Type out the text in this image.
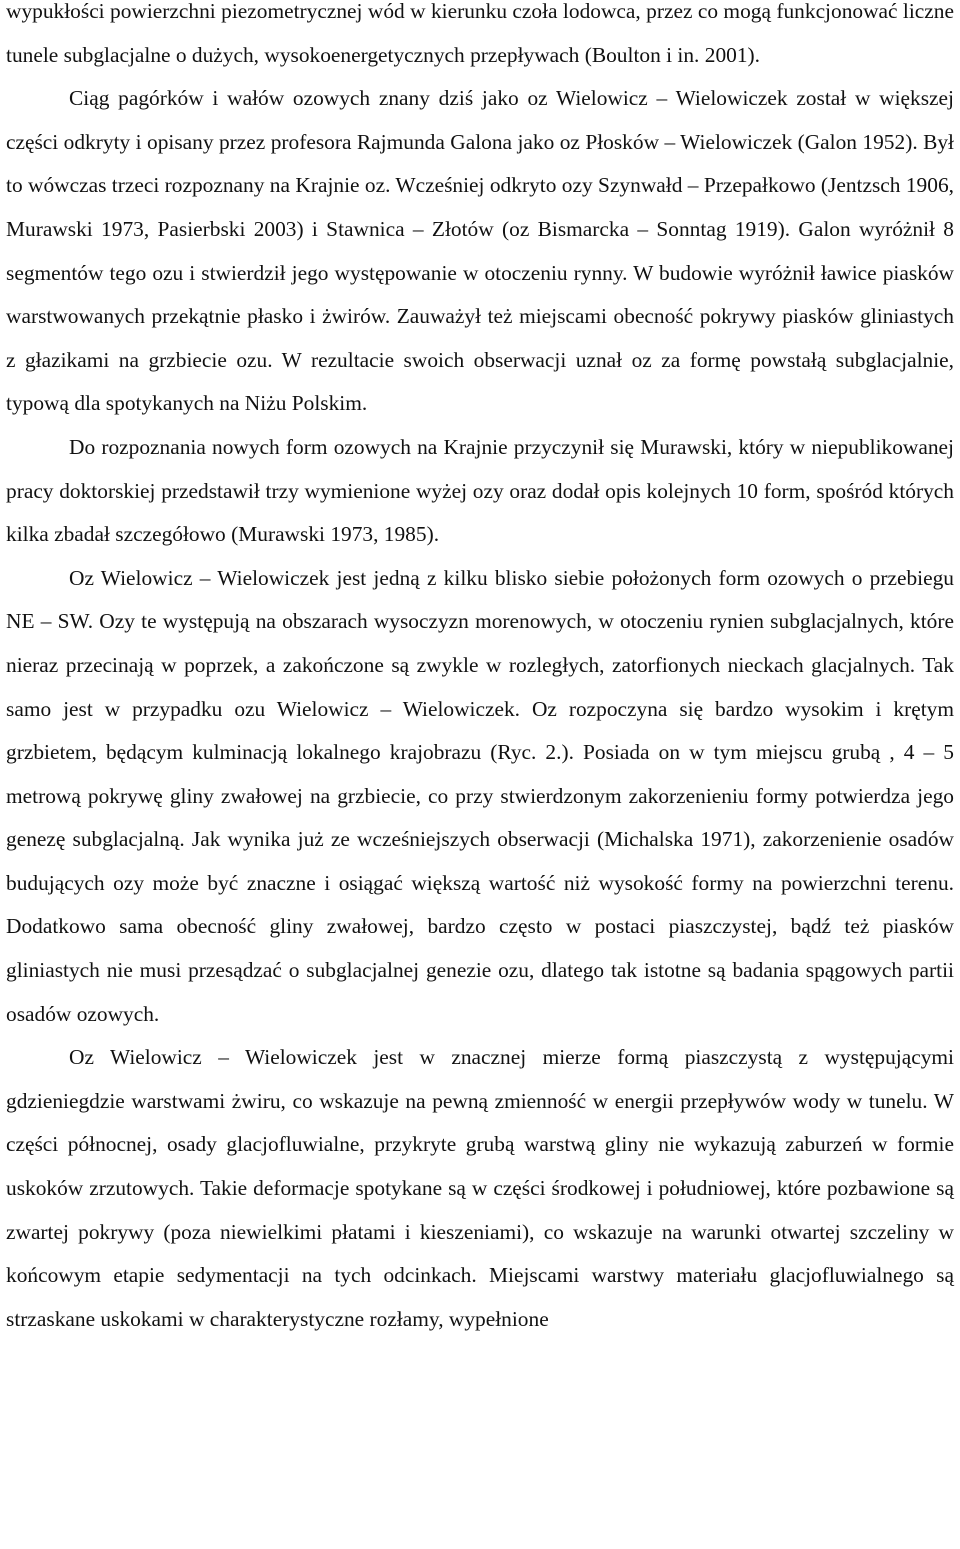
wypukłości powierzchni piezometrycznej wód w kierunku czoła lodowca, przez co mogą funkcjonować liczne tunele subglacjalne o dużych, wysokoenergetycznych przepływach (Boulton i in. 2001).

Ciąg pagórków i wałów ozowych znany dziś jako oz Wielowicz – Wielowiczek został w większej części odkryty i opisany przez profesora Rajmunda Galona jako oz Płosków – Wielowiczek (Galon 1952). Był to wówczas trzeci rozpoznany na Krajnie oz. Wcześniej odkryto ozy Szynwałd – Przepałkowo (Jentzsch 1906, Murawski 1973, Pasierbski 2003) i Stawnica – Złotów (oz Bismarcka – Sonntag 1919). Galon wyróżnił 8 segmentów tego ozu i stwierdził jego występowanie w otoczeniu rynny. W budowie wyróżnił ławice piasków warstwowanych przekątnie płasko i żwirów. Zauważył też miejscami obecność pokrywy piasków gliniastych z głazikami na grzbiecie ozu. W rezultacie swoich obserwacji uznał oz za formę powstałą subglacjalnie, typową dla spotykanych na Niżu Polskim.

Do rozpoznania nowych form ozowych na Krajnie przyczynił się Murawski, który w niepublikowanej pracy doktorskiej przedstawił trzy wymienione wyżej ozy oraz dodał opis kolejnych 10 form, spośród których kilka zbadał szczegółowo (Murawski 1973, 1985).

Oz Wielowicz – Wielowiczek jest jedną z kilku blisko siebie położonych form ozowych o przebiegu NE – SW. Ozy te występują na obszarach wysoczyzn morenowych, w otoczeniu rynien subglacjalnych, które nieraz przecinają w poprzek, a zakończone są zwykle w rozległych, zatorfionych nieckach glacjalnych. Tak samo jest w przypadku ozu Wielowicz – Wielowiczek. Oz rozpoczyna się bardzo wysokim i krętym grzbietem, będącym kulminacją lokalnego krajobrazu (Ryc. 2.). Posiada on w tym miejscu grubą , 4 – 5 metrową pokrywę gliny zwałowej na grzbiecie, co przy stwierdzonym zakorzenieniu formy potwierdza jego genezę subglacjalną. Jak wynika już ze wcześniejszych obserwacji (Michalska 1971), zakorzenienie osadów budujących ozy może być znaczne i osiągać większą wartość niż wysokość formy na powierzchni terenu. Dodatkowo sama obecność gliny zwałowej, bardzo często w postaci piaszczystej, bądź też piasków gliniastych nie musi przesądzać o subglacjalnej genezie ozu, dlatego tak istotne są badania spągowych partii osadów ozowych.

Oz Wielowicz – Wielowiczek jest w znacznej mierze formą piaszczystą z występującymi gdzieniegdzie warstwami żwiru, co wskazuje na pewną zmienność w energii przepływów wody w tunelu. W części północnej, osady glacjofluwialne, przykryte grubą warstwą gliny nie wykazują zaburzeń w formie uskoków zrzutowych. Takie deformacje spotykane są w części środkowej i południowej, które pozbawione są zwartej pokrywy (poza niewielkimi płatami i kieszeniami), co wskazuje na warunki otwartej szczeliny w końcowym etapie sedymentacji na tych odcinkach. Miejscami warstwy materiału glacjofluwialnego są strzaskane uskokami w charakterystyczne rozłamy, wypełnione
